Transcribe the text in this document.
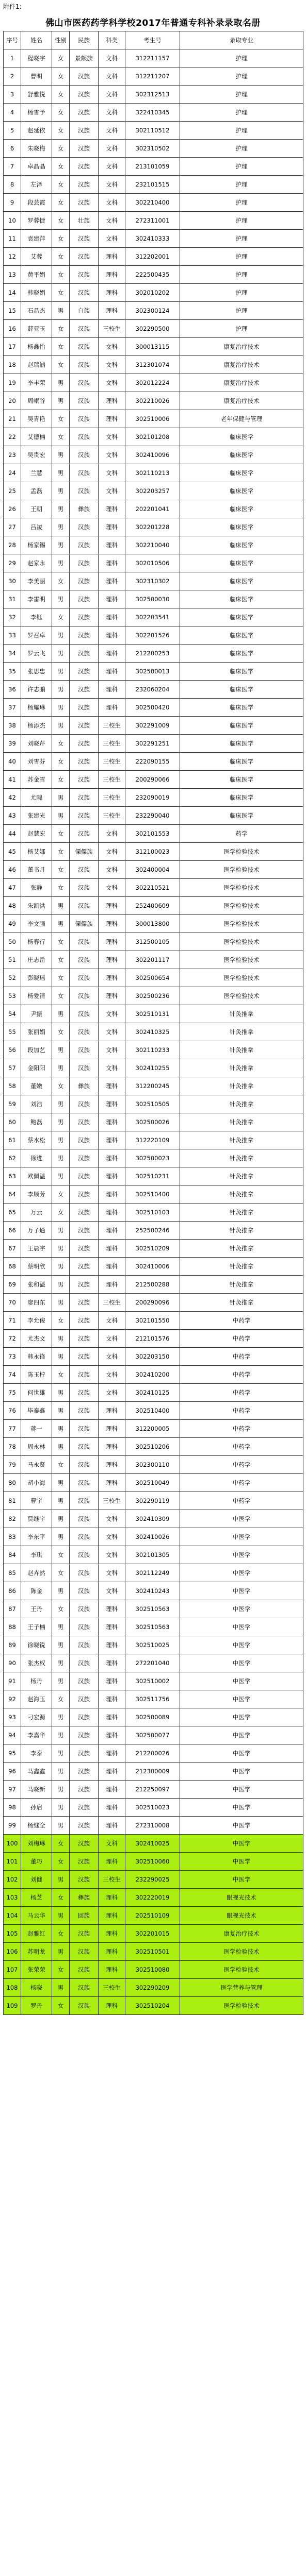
附件1:
佛山市医药药学科学校2017年普通专科补录录取名册
序号	姓名	性别	民族	科类	考生号	录取专业
1	程晓宇	女	景颇族	文科	312211157	护理
2	曹明	女	汉族	文科	312211207	护理
3	舒雅悦	女	汉族	文科	302312513	护理
4	杨雪予	女	汉族	文科	322410345	护理
5	赵延依	女	汉族	文科	302110512	护理
6	朱晓梅	女	汉族	文科	302310502	护理
7	卓晶晶	女	汉族	文科	213101059	护理
8	左泽	女	汉族	文科	232101515	护理
9	段芸霞	女	汉族	文科	302210400	护理
10	罗蓉捷	女	壮族	文科	272311001	护理
11	袁建萍	女	汉族	文科	302410333	护理
12	艾蓉	女	汉族	理科	312202001	护理
13	黄平娟	女	汉族	理科	222500435	护理
14	韩晓娟	女	汉族	理科	302010202	护理
15	石晶杰	男	白族	理科	302300124	护理
16	薛亚玉	女	汉族	三校生	302290500	护理
17	杨鑫怡	女	汉族	文科	300013115	康复治疗技术
18	赵瑞涵	女	汉族	文科	312301074	康复治疗技术
19	李丰荣	男	汉族	文科	302012224	康复治疗技术
20	周岷谷	男	汉族	理科	302210026	康复治疗技术
21	吴青艳	女	汉族	理科	302510006	老年保健与管理
22	艾德楠	女	汉族	文科	302101208	临床医学
23	吴贵宏	男	汉族	文科	302410096	临床医学
24	兰慧	男	汉族	文科	302110213	临床医学
25	孟磊	男	汉族	文科	302203257	临床医学
26	王朝	男	彝族	理科	202201041	临床医学
27	吕凌	男	汉族	理科	302201228	临床医学
28	杨家锡	男	汉族	理科	302210040	临床医学
29	赵家永	男	汉族	理科	302010506	临床医学
30	李美丽	女	汉族	理科	302310302	临床医学
31	李雷明	男	汉族	理科	302500030	临床医学
32	李钰	女	汉族	理科	302203541	临床医学
33	罗召卓	男	汉族	理科	302201526	临床医学
34	罗云飞	男	汉族	理科	212200253	临床医学
35	张思忠	男	汉族	理科	302500013	临床医学
36	许志鹏	男	汉族	理科	232060204	临床医学
37	杨耀琳	男	汉族	理科	302500420	临床医学
38	杨添杰	男	汉族	三校生	302291009	临床医学
39	刘晓芹	女	汉族	三校生	302291251	临床医学
40	刘雪芬	女	汉族	三校生	222090155	临床医学
41	苏金雪	女	汉族	三校生	200290066	临床医学
42	尤隗	男	汉族	三校生	232090019	临床医学
43	张建光	男	汉族	三校生	232290040	临床医学
44	赵慧宏	女	汉族	文科	302101553	药学
45	杨艾娜	女	傈僳族	文科	312100023	医学检验技术
46	董书月	女	汉族	文科	302400004	医学检验技术
47	张静	女	汉族	文科	302210521	医学检验技术
48	朱凯洪	男	汉族	理科	252400609	医学检验技术
49	李文强	男	傈僳族	理科	300013800	医学检验技术
50	杨春行	女	汉族	理科	312500105	医学检验技术
51	庄志岳	女	汉族	理科	302201117	医学检验技术
52	彭晓瑶	女	汉族	理科	302500654	医学检验技术
53	杨爱清	女	汉族	理科	302500236	医学检验技术
54	尹振	男	汉族	文科	302510131	针灸推拿
55	张丽娟	女	汉族	文科	302410325	针灸推拿
56	段加艺	男	汉族	文科	302110233	针灸推拿
57	金阳阳	男	汉族	文科	302410255	针灸推拿
58	董嫩	女	彝族	理科	312200245	针灸推拿
59	刘浩	男	汉族	理科	302510505	针灸推拿
60	鲍磊	男	汉族	理科	302500026	针灸推拿
61	蔡水松	男	汉族	理科	312220109	针灸推拿
62	徐进	男	汉族	理科	302500023	针灸推拿
63	欧佩溢	男	汉族	理科	302510231	针灸推拿
64	李顺芳	女	汉族	理科	302510400	针灸推拿
65	万云	女	汉族	理科	302510103	针灸推拿
66	万子通	男	汉族	理科	252500246	针灸推拿
67	王晨宇	男	汉族	理科	302510209	针灸推拿
68	蔡明欣	男	汉族	理科	302410006	针灸推拿
69	张和溢	男	汉族	理科	212500288	针灸推拿
70	廖四东	男	汉族	三校生	200290096	针灸推拿
71	李允俊	女	汉族	文科	302101550	中药学
72	尤杰文	男	汉族	文科	212101576	中药学
73	韩永锋	男	汉族	文科	302203150	中药学
74	陈玉柠	女	汉族	文科	302410200	中药学
75	何世雄	男	汉族	文科	302410125	中药学
76	毕泰鑫	男	汉族	理科	302510400	中药学
77	蒋一	男	汉族	理科	312200005	中药学
78	周永林	男	汉族	理科	302510206	中药学
79	马永贤	女	汉族	理科	302300110	中药学
80	胡小海	男	汉族	理科	302510049	中药学
81	曹宇	男	汉族	三校生	302290119	中药学
82	贾继宇	男	汉族	文科	302410309	中医学
83	李东平	男	汉族	文科	302410026	中医学
84	李琪	女	汉族	文科	302101305	中医学
85	赵卉然	女	汉族	文科	302112249	中医学
86	陈金	男	汉族	文科	302410243	中医学
87	王丹	女	汉族	理科	302510563	中医学
88	王子楠	男	汉族	理科	302510563	中医学
89	徐晓锐	男	汉族	理科	302510025	中医学
90	张杰权	男	汉族	理科	272201040	中医学
91	杨丹	男	汉族	理科	302510002	中医学
92	赵海玉	女	汉族	理科	302511756	中医学
93	刁宏源	男	汉族	理科	302500089	中医学
94	李嘉华	男	汉族	理科	302500077	中医学
95	李泰	男	汉族	理科	212200026	中医学
96	马鑫鑫	男	汉族	理科	212300009	中医学
97	马晓新	男	汉族	理科	212250097	中医学
98	孙启	男	汉族	理科	302510023	中医学
99	杨继全	男	汉族	理科	272310008	中医学
100	刘梅琳	女	汉族	文科	302410025	中医学
101	董巧	女	汉族	理科	302510060	中医学
102	刘健	男	汉族	三校生	232290025	中医学
103	杨芝	女	彝族	理科	302220019	眼视光技术
104	马云华	男	回族	理科	202510109	眼视光技术
105	赵雅红	女	汉族	理科	302201015	康复治疗技术
106	苏明龙	男	汉族	理科	302510501	医学检验技术
107	张荣荣	女	汉族	理科	302510080	医学检验技术
108	杨晓	男	汉族	三校生	302290209	医学营养与管理
109	罗丹	女	汉族	理科	302510204	医学检验技术
